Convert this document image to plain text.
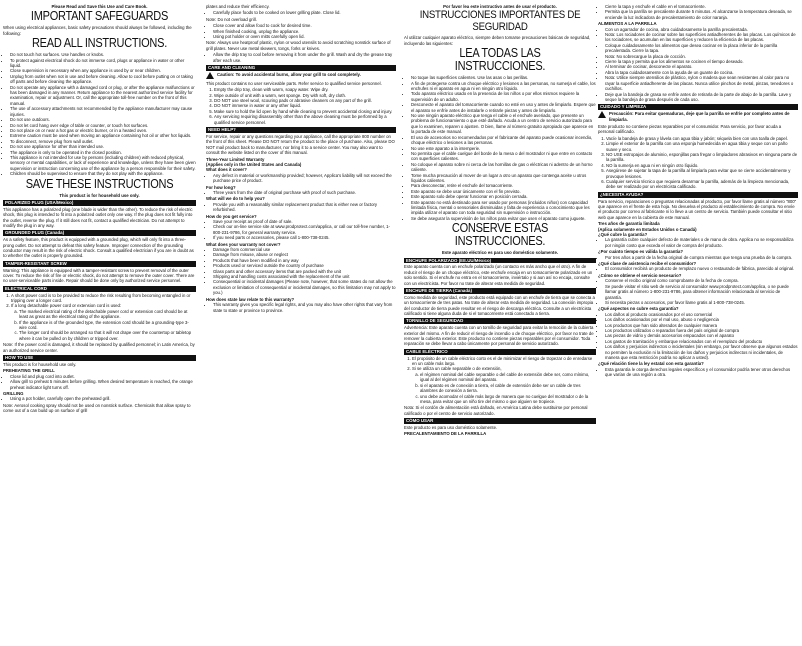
Please Read and Save this Use and Care Book.

IMPORTANT SAFEGUARDS

When using electrical appliances, basic safety precautions should always be followed, including the following:

READ ALL INSTRUCTIONS.
• Do not touch hot surfaces. Use handles or knobs.
• To protect against electrical shock do not immerse cord, plugs or appliance in water or other liquid.
• Close supervision is necessary when any appliance is used by or near children.
• Unplug from outlet when not in use and before cleaning. Allow to cool before putting on or taking off parts and before cleaning the appliance.
• Do not operate any appliance with a damaged cord or plug, or after the appliance malfunctions or has been damaged in any manner. Return appliance to the nearest authorized service facility for examination, repair or adjustment. Or, call the appropriate toll-free number on the front of this manual.
• The use of accessory attachments not recommended by the appliance manufacturer may cause injuries.
• Do not use outdoors.
• Do not let cord hang over edge of table or counter, or touch hot surfaces.
• Do not place on or near a hot gas or electric burner, or in a heated oven.
• Extreme caution must be used when moving an appliance containing hot oil or other hot liquids.
• To disconnect, remove plug from wall outlet.
• Do not use appliance for other than intended use.
• The appliance is only to be operated in the closed position.
• This appliance is not intended for use by persons (including children) with reduced physical, sensory or mental capabilities, or lack of experience and knowledge, unless they have been given supervision or instruction concerning use of the appliance by a person responsible for their safety.
• Children should be supervised to ensure that they do not play with the appliance.
SAVE THESE INSTRUCTIONS

This product is for household use only.

POLARIZED PLUG (USA/Mexico)

This appliance has a polarized plug (one blade is wider than the other). To reduce the risk of electric shock, this plug is intended to fit into a polarized outlet only one way. If the plug does not fit fully into the outlet, reverse the plug. If it still does not fit, contact a qualified electrician. Do not attempt to modify the plug in any way.

GROUNDED PLUG (Canada)

As a safety feature, this product is equipped with a grounded plug, which will only fit into a three-prong outlet. Do not attempt to defeat this safety feature. Improper connection of the grounding conductor may result in the risk of electric shock. Consult a qualified electrician if you are in doubt as to whether the outlet is properly grounded.

TAMPER-RESISTANT SCREW

Warning: This appliance is equipped with a tamper-resistant screw to prevent removal of the outer cover. To reduce the risk of fire or electric shock, do not attempt to remove the outer cover. There are no user-serviceable parts inside. Repair should be done only by authorized service personnel.

ELECTRICAL CORD
1. A short power cord is to be provided to reduce the risk resulting from becoming entangled in or tripping over a longer cord.
2. If a long detachable power cord or extension cord is used:
a. The marked electrical rating of the detachable power cord or extension cord should be at least as great as the electrical rating of the appliance.
b. If the appliance is of the grounded type, the extension cord should be a grounding-type 3-wire cord.
c. The longer cord should be arranged so that it will not drape over the countertop or tabletop where it can be pulled on by children or tripped over.

Note: If the power cord is damaged, it should be replaced by qualified personnel; in Latin America, by an authorized service center.

HOW TO USE

This product is for household use only.

PREHEATING THE GRILL
• Close lid and plug cord into outlet.
• Allow grill to preheat 5 minutes before grilling. When desired temperature is reached, the orange preheat indicator light turns off.
GRILLING
• Using a pot holder, carefully open the preheated grill.

Note: Aerosol cooking spray should not be used on nonstick surface. Chemicals that allow spray to come out of a can build up on surface of grill

plates and reduce their efficiency.

• Carefully place foods to be cooked on lower grilling plate. Close lid.

Note: Do not overload grill.

• Close cover and allow food to cook for desired time.
• When finished cooking, unplug the appliance.
• Using pot holder or oven mitts carefully open lid.

Note: Always use heatproof plastic, nylon or wood utensils to avoid scratching nonstick surface of grill plates. Never use metal skewers, tongs, forks or knives.

• Allow the drip tray to cool before removing it from under the grill. Wash and dry the grease tray after each use.
CARE AND CLEANING
Caution: To avoid accidental burns, allow your grill to cool completely.

This product contains no user serviceable parts. Refer service to qualified service personnel.

1. Empty the drip tray, clean with warm, soapy water. Wipe dry.
2. Wipe outside of unit with a warm, wet sponge. Dry with soft, dry cloth.
3. DO NOT use steel wool, scouring pads or abrasive cleaners on any part of the grill.
4. DO NOT immerse in water or any other liquid.
5. Make sure to hold the lid open by hand while cleaning to prevent accidental closing and injury.
6. Any servicing requiring disassembly other than the above cleaning must be performed by a qualified service personnel.
NEED HELP?

For service, repair or any questions regarding your appliance, call the appropriate 800 number on the front of this sheet. Please DO NOT return the product to the place of purchase. Also, please DO NOT mail product back to manufacturer, nor bring it to a service center. You may also want to consult the website listed on the cover of this manual.

Three-Year Limited Warranty
(Applies only in the United States and Canada)
What does it cover?
• Any defect in material or workmanship provided; however, Applica's liability will not exceed the purchase price of product.
For how long?
• Three years from the date of original purchase with proof of such purchase.
What will we do to help you?
• Provide you with a reasonably similar replacement product that is either new or factory refurbished.
How do you get service?
• Save your receipt as proof of date of sale.
• Check our on-line service site at www.prodprotect.com/applica, or call our toll-free number, 1-800-231-9786, for general warranty service.
• If you need parts or accessories, please call 1-800-738-0245.
What does your warranty not cover?
• Damage from commercial use
• Damage from misuse, abuse or neglect
• Products that have been modified in any way
• Products used or serviced outside the country of purchase
• Glass parts and other accessory items that are packed with the unit
• Shipping and handling costs associated with the replacement of the unit
• Consequential or incidental damages (Please note, however, that some states do not allow the exclusion or limitation of consequential or incidental damages, so this limitation may not apply to you.)
How does state law relate to this warranty?
• This warranty gives you specific legal rights, and you may also have other rights that vary from state to state or province to province.

Por favor lea este instructivo antes de usar el producto.

INSTRUCCIONES IMPORTANTES DE SEGURIDAD

Al utilizar cualquier aparato eléctrico, siempre deben tomarse precauciones básicas de seguridad, incluyendo las siguientes:

LEA TODAS LAS INSTRUCCIONES.
• No toque las superficies calientes. Use las asas o las perillas.
• A fin de protegerse contra un choque eléctrico y lesiones a las personas, no sumerja el cable, los enchufes ni el aparato en agua ni en ningún otro líquido.
• Todo aparato eléctrico usado en la presencia de los niños o por ellos mismos requiere la supervisión de un adulto.
• Desconecte el aparato del tomacorriente cuando no esté en uso y antes de limpiarlo. Espere que el aparato se enfríe antes de instalarle o retirarle piezas y antes de limpiarlo.
• No use ningún aparato eléctrico que tenga el cable o el enchufe averiado, que presente un problema de funcionamiento o que esté dañado. Acuda a un centro de servicio autorizado para que lo examinen, reparen o ajusten. O bien, llame al número gratuito apropiado que aparece en la portada de este manual.
• El uso de accesorios no recomendados por el fabricante del aparato puede ocasionar incendio, choque eléctrico o lesiones a las personas.
• No use este aparato a la intemperie.
• No permita que el cable cuelgue del borde de la mesa o del mostrador ni que entre en contacto con superficies calientes.
• No coloque el aparato sobre ni cerca de las hornillas de gas o eléctricas ni adentro de un horno caliente.
• Tome mucha precaución al mover de un lugar a otro un aparato que contenga aceite u otros líquidos calientes.
• Para desconectar, retire el enchufe del tomacorriente.
• Este aparato se debe usar únicamente con el fin previsto.
• Este aparato solo debe operar funcionar en posición cerrada.
• Este aparato no está destinado para ser usado por personas (incluidos niños) con capacidad limitada física, mental o sensoriales disminuidas y falta de experiencia o conocimiento que les impida utilizar el aparato con toda seguridad sin supervisión o instrucción.
• Se debe asegurar la supervisión de los niños para evitar que usen el aparato como juguete.
CONSERVE ESTAS INSTRUCCIONES.

Este aparato eléctrico es para uso doméstico solamente.

ENCHUFE POLARIZADO (EE.UU/México)

Este aparato cuenta con un enchufe polarizado (un contacto es más ancho que el otro). A fin de reducir el riesgo de un choque eléctrico, este enchufe encaja en un tomacorriente polarizado en un solo sentido. Si el enchufe no entra en el tomacorriente, inviértalo y si aun así no encaja, consulte con un electricista. Por favor no trate de alterar esta medida de seguridad.

ENCHUFE DE TIERRA (Canadá)

Como medida de seguridad, este producto está equipado con un enchufe de tierra que se conecta a un tomacorriente de tres patas. No trate de alterar esta medida de seguridad. La conexión impropia del conductor de tierra puede resultar en el riesgo de descarga eléctrica. Consulte a un electricista calificado si tiene alguna duda de si el tomacorriente está conectado a tierra.

TORNILLO DE SEGURIDAD

Advertencia: Este aparato cuenta con un tornillo de seguridad para evitar la remoción de la cubierta exterior del mismo. A fin de reducir el riesgo de incendio o de choque eléctrico, por favor no trate de remover la cubierta exterior. Este producto no contiene piezas reparables por el consumidor. Toda reparación se debe llevar a cabo únicamente por personal de servicio autorizado.

CABLE ELÉCTRICO
1. El propósito de un cable eléctrico corto es el de minimizar el riesgo de tropezar o de enredarse en un cable más largo.
2. Si se utiliza un cable separable o de extensión,
a. el régimen nominal del cable separable o del cable de extensión debe ser, como mínimo, igual al del régimen nominal del aparato.
b. si el aparato es de conexión a tierra, el cable de extensión debe ser un cable de tres alambres de conexión a tierra.
c. uno debe acomodar el cable más largo de manera que no cuelgue del mostrador o de la mesa, para evitar que un niño tire del mismo o que alguien se tropiece.

Nota: Si el cordón de alimentación está dañado, en América Latina debe sustituirse por personal calificado o por el centro de servicio autorizado.

CÓMO USAR

Este producto es para uso doméstico solamente.

PRECALENTAMIENTO DE LA PARRILLA
• Cierre la tapa y enchufe el cable en el tomacorriente.
• Permita que la parrilla se precaliente durante 5 minutos. Al alcanzarse la temperatura deseada, se enciende la luz indicadora de precalentamiento de color naranja.
ALIMENTOS A LA PARRILLA
• Con un agarrador de cocina, abra cuidadosamente la parrilla precalentada.
• Nota: Los rociadores de cocinar sobre las superficies antiadherentes de las placas. Los químicos de los rociadores, se acumulan en las superficies y reducen la eficiencia de las placas.
• Coloque cuidadosamente los alimentos que desea cocinar en la placa inferior de la parrilla precalentada. Cierre la tapa.
• Nota: No sobrecargue la placa de cocción.
• Cierre la tapa y permita que los alimentos se cocinen el tiempo deseado.
• Al terminar de cocinar, desconecte el aparato.
• Abra la tapa cuidadosamente con la ayuda de un guante de cocina.
• Nota: Utilice siempre utensilios de plástico, nylon o madera que sean resistentes al calor para no rayar la superficie antiadherente de las placas. Nunca utilice pinchos de metal, pinzas, tenedores o cuchillos.
• Deje que la bandeja de grasa se enfríe antes de retirarla de la parte de abajo de la parrilla. Lave y seque la bandeja de grasa después de cada uso.
CUIDADO Y LIMPIEZA
Precaución: Para evitar quemaduras, deje que la parrilla se enfríe por completo antes de limpiarla.

Este producto no contiene piezas reparables por el consumidor. Para servicio, por favor acuda a personal calificado.

1. Vacíe la bandeja de grasa y lávela con agua tibia y jabón; séquela bien con una toalla de papel.
2. Limpie el exterior de la parrilla con una esponja humedecida en agua tibia y seque con un paño suave y seco.
3. NO USE estropajos de aluminio, esponjillas para fregar o limpiadores abrasivos en ninguna parte de la parrilla.
4. NO la sumerja en agua ni en ningún otro líquido.
5. Asegúrese de sujetar la tapa de la parrilla al limpiarla para evitar que se cierre accidentalmente y provoque lesiones.
6. Cualquier servicio técnico que requiera desarmar la parrilla, además de la limpieza mencionada, debe ser realizado por un electricista calificado.
¿NECESITA AYUDA?

Para servicio, reparaciones o preguntas relacionadas al producto, por favor llame gratis al número "800" que aparece en el frente de esta hoja. No devuelva el producto al establecimiento de compra. No envíe el producto por correo al fabricante ni lo lleve a un centro de servicio. También puede consultar el sitio web que aparece en la cubierta de este manual.

Tres años de garantía limitada
(Aplica solamente en Estados Unidos o Canadá)
¿Qué cubre la garantía?
• La garantía cubre cualquier defecto de materiales o de mano de obra. Applica no se responsabiliza por ningún costo que exceda el valor de compra del producto.
¿Por cuánto tiempo es válida la garantía?
• Por tres años a partir de la fecha original de compra mientras que tenga una prueba de la compra.
¿Qué clase de asistencia recibe el consumidor?
• El consumidor recibirá un producto de remplazo nuevo o restaurado de fábrica, parecido al original.
¿Cómo se obtiene el servicio necesario?
• Conserve el recibo original como comprobante de la fecha de compra.
• Se puede visitar el sitio web de servicio al consumidor www.prodprotect.com/applica, o se puede llamar gratis al número 1-800-231-9786, para obtener información relacionada al servicio de garantía.
• Si necesita piezas o accesorios, por favor llame gratis al 1-800-738-0245.
¿Qué aspectos no cubre esta garantía?
• Los daños al producto ocasionados por el uso comercial
• Los daños ocasionados por el mal uso, abuso o negligencia
• Los productos que han sido alterados de cualquier manera
• Los productos utilizados o reparados fuera del país original de compra
• Las piezas de vidrio y demás accesorios empacados con el aparato
• Los gastos de tramitación y embarque relacionados con el reemplazo del producto
• Los daños y perjuicios indirectos o incidentales (sin embargo, por favor observe que algunos estados no permiten la exclusión ni la limitación de los daños y perjuicios indirectos ni incidentales, de manera que esta restricción podría no aplicar a usted).
¿Qué relación tiene la ley estatal con esta garantía?
• Esta garantía le otorga derechos legales específicos y el consumidor podría tener otros derechos que varían de una región a otra.
